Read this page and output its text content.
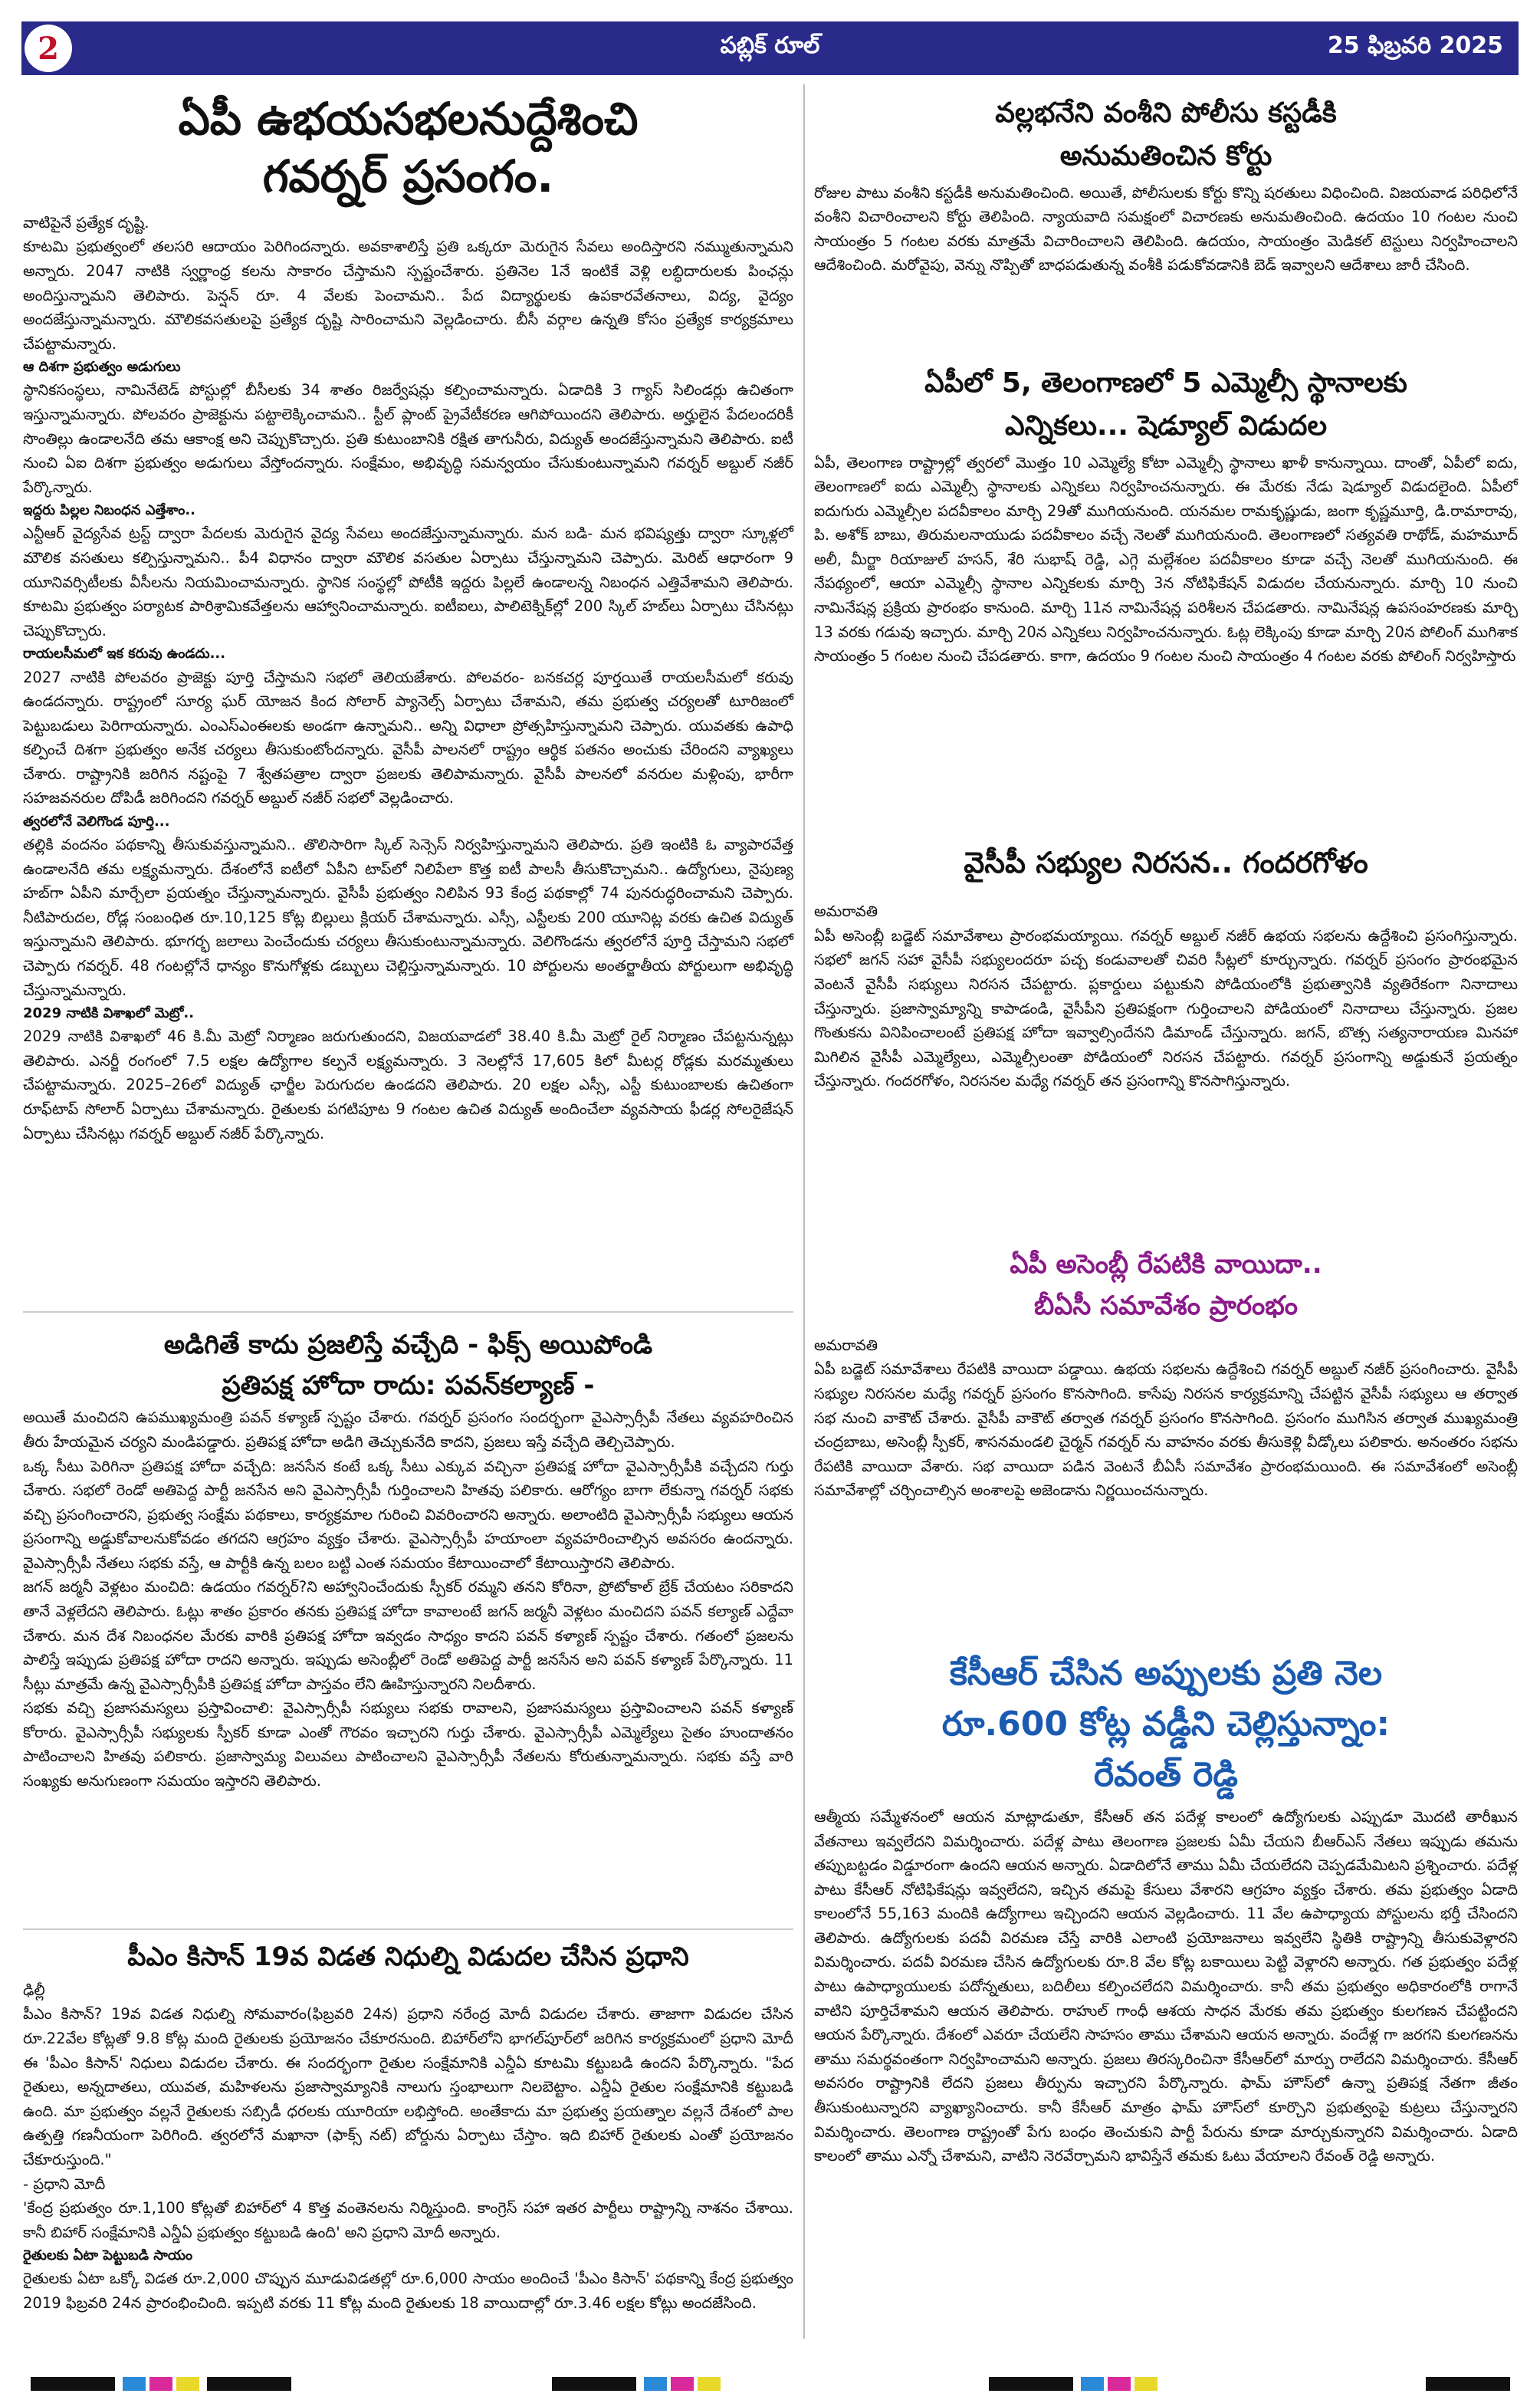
2	పబ్లిక్ రూల్	25 ఫిబ్రవరి 2025
ఏపీ ఉభయసభలనుద్దేశించి
గవర్నర్ ప్రసంగం.

వాటిపైనే ప్రత్యేక దృష్టి.

కూటమి ప్రభుత్వంలో తలసరి ఆదాయం పెరిగిందన్నారు. అవకాశాలిస్తే ప్రతి ఒక్కరూ మెరుగైన సేవలు అందిస్తారని నమ్ముతున్నామని అన్నారు. 2047 నాటికి స్వర్ణాంధ్ర కలను సాకారం చేస్తామని స్పష్టంచేశారు. ప్రతినెల 1నే ఇంటికే వెళ్లి లబ్ధిదారులకు పింఛన్లు అందిస్తున్నామని తెలిపారు. పెన్షన్ రూ. 4 వేలకు పెంచామని.. పేద విద్యార్థులకు ఉపకారవేతనాలు, విద్య, వైద్యం అందజేస్తున్నామన్నారు. మౌలికవసతులపై ప్రత్యేక దృష్టి సారించామని వెల్లడించారు. బీసీ వర్గాల ఉన్నతి కోసం ప్రత్యేక కార్యక్రమాలు చేపట్టామన్నారు.

ఆ దిశగా ప్రభుత్వం అడుగులు

స్థానికసంస్థలు, నామినేటెడ్ పోస్టుల్లో బీసీలకు 34 శాతం రిజర్వేషన్లు కల్పించామన్నారు. ఏడాదికి 3 గ్యాస్ సిలిండర్లు ఉచితంగా ఇస్తున్నామన్నారు. పోలవరం ప్రాజెక్టును పట్టాలెక్కించామని.. స్టీల్ ప్లాంట్ ప్రైవేటీకరణ ఆగిపోయిందని తెలిపారు. అర్హులైన పేదలందరికీ సొంతిల్లు ఉండాలనేది తమ ఆకాంక్ష అని చెప్పుకొచ్చారు. ప్రతి కుటుంబానికి రక్షిత తాగునీరు, విద్యుత్ అందజేస్తున్నామని తెలిపారు. ఐటీ నుంచి ఏఐ దిశగా ప్రభుత్వం అడుగులు వేస్తోందన్నారు. సంక్షేమం, అభివృద్ధి సమన్వయం చేసుకుంటున్నామని గవర్నర్ అబ్దుల్ నజీర్ పేర్కొన్నారు.

ఇద్దరు పిల్లల నిబంధన ఎత్తేశాం..

ఎన్టీఆర్ వైద్యసేవ ట్రస్ట్ ద్వారా పేదలకు మెరుగైన వైద్య సేవలు అందజేస్తున్నామన్నారు. మన బడి- మన భవిష్యత్తు ద్వారా స్కూళ్లలో మౌలిక వసతులు కల్పిస్తున్నామని.. పీ4 విధానం ద్వారా మౌలిక వసతుల ఏర్పాటు చేస్తున్నామని చెప్పారు. మెరిట్ ఆధారంగా 9 యూనివర్సిటీలకు వీసీలను నియమించామన్నారు. స్థానిక సంస్థల్లో పోటీకి ఇద్దరు పిల్లలే ఉండాలన్న నిబంధన ఎత్తివేశామని తెలిపారు. కూటమి ప్రభుత్వం పర్యాటక పారిశ్రామికవేత్తలను ఆహ్వానించామన్నారు. ఐటీఐలు, పాలిటెక్నిక్‌ల్లో 200 స్కిల్ హబ్‌లు ఏర్పాటు చేసినట్లు చెప్పుకొచ్చారు.

రాయలసీమలో ఇక కరువు ఉండదు...

2027 నాటికి పోలవరం ప్రాజెక్టు పూర్తి చేస్తామని సభలో తెలియజేశారు. పోలవరం- బనకచర్ల పూర్తయితే రాయలసీమలో కరువు ఉండదన్నారు. రాష్ట్రంలో సూర్య ఘర్ యోజన కింద సోలార్ ప్యానెల్స్ ఏర్పాటు చేశామని, తమ ప్రభుత్వ చర్యలతో టూరిజంలో పెట్టుబడులు పెరిగాయన్నారు. ఎంఎస్ఎంఈలకు అండగా ఉన్నామని.. అన్ని విధాలా ప్రోత్సహిస్తున్నామని చెప్పారు. యువతకు ఉపాధి కల్పించే దిశగా ప్రభుత్వం అనేక చర్యలు తీసుకుంటోందన్నారు. వైసీపీ పాలనలో రాష్ట్రం ఆర్థిక పతనం అంచుకు చేరిందని వ్యాఖ్యలు చేశారు. రాష్ట్రానికి జరిగిన నష్టంపై 7 శ్వేతపత్రాల ద్వారా ప్రజలకు తెలిపామన్నారు. వైసీపీ పాలనలో వనరుల మళ్లింపు, భారీగా సహజవనరుల దోపిడీ జరిగిందని గవర్నర్ అబ్దుల్ నజీర్ సభలో వెల్లడించారు.

త్వరలోనే వెలిగొండ పూర్తి...

తల్లికి వందనం పథకాన్ని తీసుకువస్తున్నామని.. తొలిసారిగా స్కిల్ సెన్సెస్ నిర్వహిస్తున్నామని తెలిపారు. ప్రతి ఇంటికి ఓ వ్యాపారవేత్త ఉండాలనేది తమ లక్ష్యమన్నారు. దేశంలోనే ఐటీలో ఏపీని టాప్‌లో నిలిపేలా కొత్త ఐటీ పాలసీ తీసుకొచ్చామని.. ఉద్యోగులు, నైపుణ్య హబ్‌గా ఏపీని మార్చేలా ప్రయత్నం చేస్తున్నామన్నారు. వైసీపీ ప్రభుత్వం నిలిపిన 93 కేంద్ర పథకాల్లో 74 పునరుద్ధరించామని చెప్పారు. నీటిపారుదల, రోడ్ల సంబంధిత రూ.10,125 కోట్ల బిల్లులు క్లియర్ చేశామన్నారు. ఎస్సీ, ఎస్టీలకు 200 యూనిట్ల వరకు ఉచిత విద్యుత్ ఇస్తున్నామని తెలిపారు. భూగర్భ జలాలు పెంచేందుకు చర్యలు తీసుకుంటున్నామన్నారు. వెలిగొండను త్వరలోనే పూర్తి చేస్తామని సభలో చెప్పారు గవర్నర్. 48 గంటల్లోనే ధాన్యం కొనుగోళ్లకు డబ్బులు చెల్లిస్తున్నామన్నారు. 10 పోర్టులను అంతర్జాతీయ పోర్టులుగా అభివృద్ధి చేస్తున్నామన్నారు.

2029 నాటికి విశాఖలో మెట్రో..

2029 నాటికి విశాఖలో 46 కి.మీ మెట్రో నిర్మాణం జరుగుతుందని, విజయవాడలో 38.40 కి.మీ మెట్రో రైల్ నిర్మాణం చేపట్టనున్నట్లు తెలిపారు. ఎనర్జీ రంగంలో 7.5 లక్షల ఉద్యోగాల కల్పనే లక్ష్యమన్నారు. 3 నెలల్లోనే 17,605 కిలో మీటర్ల రోడ్లకు మరమ్మతులు చేపట్టామన్నారు. 2025–26లో విద్యుత్ ఛార్జీల పెరుగుదల ఉండదని తెలిపారు. 20 లక్షల ఎస్సీ, ఎస్టీ కుటుంబాలకు ఉచితంగా రూఫ్‌టాప్ సోలార్ ఏర్పాటు చేశామన్నారు. రైతులకు పగటిపూట 9 గంటల ఉచిత విద్యుత్ అందించేలా వ్యవసాయ ఫీడర్ల సోలరైజేషన్ ఏర్పాటు చేసినట్లు గవర్నర్ అబ్దుల్ నజీర్ పేర్కొన్నారు.

అడిగితే కాదు ప్రజలిస్తే వచ్చేది - ఫిక్స్ అయిపోండి
ప్రతిపక్ష హోదా రాదు: పవన్‌కల్యాణ్ -

అయితే మంచిదని ఉపముఖ్యమంత్రి పవన్ కళ్యాణ్ స్పష్టం చేశారు. గవర్నర్ ప్రసంగం సందర్భంగా వైఎస్సార్సీపీ నేతలు వ్యవహరించిన తీరు హేయమైన చర్యని మండిపడ్డారు. ప్రతిపక్ష హోదా అడిగి తెచ్చుకునేది కాదని, ప్రజలు ఇస్తే వచ్చేది తెల్చిచెప్పారు.

ఒక్క సీటు పెరిగినా ప్రతిపక్ష హోదా వచ్చేది: జనసేన కంటే ఒక్క సీటు ఎక్కువ వచ్చినా ప్రతిపక్ష హోదా వైఎస్సార్సీపీకి వచ్చేదని గుర్తు చేశారు. సభలో రెండో అతిపెద్ద పార్టీ జనసేన అని వైఎస్సార్సీపీ గుర్తించాలని హితవు పలికారు. ఆరోగ్యం బాగా లేకున్నా గవర్నర్ సభకు వచ్చి ప్రసంగించారని, ప్రభుత్వ సంక్షేమ పథకాలు, కార్యక్రమాల గురించి వివరించారని అన్నారు. అలాంటిది వైఎస్సార్సీపీ సభ్యులు ఆయన ప్రసంగాన్ని అడ్డుకోవాలనుకోవడం తగదని ఆగ్రహం వ్యక్తం చేశారు. వైఎస్సార్సీపీ హయాంలా వ్యవహరించాల్సిన అవసరం ఉందన్నారు. వైఎస్సార్సీపీ నేతలు సభకు వస్తే, ఆ పార్టీకి ఉన్న బలం బట్టి ఎంత సమయం కేటాయించాలో కేటాయిస్తారని తెలిపారు.

జగన్ జర్మనీ వెళ్లటం మంచిది: ఉడయం గవర్నర్?ని అహ్వానించేందుకు స్పీకర్ రమ్మని తనని కోరినా, ప్రోటోకాల్ బ్రేక్ చేయటం సరికాదని తానే వెళ్లలేదని తెలిపారు. ఓట్లు శాతం ప్రకారం తనకు ప్రతిపక్ష హోదా కావాలంటే జగన్ జర్మనీ వెళ్లటం మంచిదని పవన్ కల్యాణ్ ఎద్దేవా చేశారు. మన దేశ నిబంధనల మేరకు వారికి ప్రతిపక్ష హోదా ఇవ్వడం సాధ్యం కాదని పవన్ కళ్యాణ్ స్పష్టం చేశారు. గతంలో ప్రజలను పాలిస్తే ఇప్పుడు ప్రతిపక్ష హోదా రాదని అన్నారు. ఇప్పుడు అసెంబ్లీలో రెండో అతిపెద్ద పార్టీ జనసేన అని పవన్ కళ్యాణ్ పేర్కొన్నారు. 11 సీట్లు మాత్రమే ఉన్న వైఎస్సార్సీపీకి ప్రతిపక్ష హోదా పాస్తవం లేని ఊహిస్తున్నారని నిలదీశారు.

సభకు వచ్చి ప్రజాసమస్యలు ప్రస్తావించాలి: వైఎస్సార్సీపీ సభ్యులు సభకు రావాలని, ప్రజాసమస్యలు ప్రస్తావించాలని పవన్ కళ్యాణ్ కోరారు. వైఎస్సార్సీపీ సభ్యులకు స్పీకర్ కూడా ఎంతో గౌరవం ఇచ్చారని గుర్తు చేశారు. వైఎస్సార్సీపీ ఎమ్మెల్యేలు సైతం హుందాతనం పాటించాలని హితవు పలికారు. ప్రజాస్వామ్య విలువలు పాటించాలని వైఎస్సార్సీపీ నేతలను కోరుతున్నామన్నారు. సభకు వస్తే వారి సంఖ్యకు అనుగుణంగా సమయం ఇస్తారని తెలిపారు.

పీఎం కిసాన్ 19వ విడత నిధుల్ని విడుదల చేసిన ప్రధాని

ఢిల్లీ

పీఎం కిసాన్? 19వ విడత నిధుల్ని సోమవారం(ఫిబ్రవరి 24న) ప్రధాని నరేంద్ర మోదీ విడుదల చేశారు. తాజాగా విడుదల చేసిన రూ.22వేల కోట్లతో 9.8 కోట్ల మంది రైతులకు ప్రయోజనం చేకూరనుంది. బిహార్‌లోని భాగల్‌పూర్‌లో జరిగిన కార్యక్రమంలో ప్రధాని మోదీ ఈ 'పీఎం కిసాన్' నిధులు విడుదల చేశారు. ఈ సందర్భంగా రైతుల సంక్షేమానికి ఎన్డీఏ కూటమి కట్టుబడి ఉందని పేర్కొన్నారు. "పేద రైతులు, అన్నదాతలు, యువత, మహిళలను ప్రజాస్వామ్యానికి నాలుగు స్తంభాలుగా నిలబెట్టాం. ఎన్డీఏ రైతుల సంక్షేమానికి కట్టుబడి ఉంది. మా ప్రభుత్వం వల్లనే రైతులకు సబ్సిడీ ధరలకు యూరియా లభిస్తోంది. అంతేకాదు మా ప్రభుత్వ ప్రయత్నాల వల్లనే దేశంలో పాల ఉత్పత్తి గణనీయంగా పెరిగింది. త్వరలోనే మఖానా (ఫాక్స్ నట్) బోర్డును ఏర్పాటు చేస్తాం. ఇది బిహార్ రైతులకు ఎంతో ప్రయోజనం చేకూరుస్తుంది."

- ప్రధాని మోదీ

'కేంద్ర ప్రభుత్వం రూ.1,100 కోట్లతో బిహార్‌లో 4 కొత్త వంతెనలను నిర్మిస్తుంది. కాంగ్రెస్ సహా ఇతర పార్టీలు రాష్ట్రాన్ని నాశనం చేశాయి. కానీ బిహార్ సంక్షేమానికి ఎన్డీఏ ప్రభుత్వం కట్టుబడి ఉంది' అని ప్రధాని మోదీ అన్నారు.

రైతులకు ఏటా పెట్టుబడి సాయం

రైతులకు ఏటా ఒక్కో విడత రూ.2,000 చొప్పున మూడువిడతల్లో రూ.6,000 సాయం అందించే 'పీఎం కిసాన్' పథకాన్ని కేంద్ర ప్రభుత్వం 2019 ఫిబ్రవరి 24న ప్రారంభించింది. ఇప్పటి వరకు 11 కోట్ల మంది రైతులకు 18 వాయిదాల్లో రూ.3.46 లక్షల కోట్లు అందజేసింది.

వల్లభనేని వంశీని పోలీసు కస్టడీకి
అనుమతించిన కోర్టు

రోజుల పాటు వంశీని కస్టడీకి అనుమతించింది. అయితే, పోలీసులకు కోర్టు కొన్ని షరతులు విధించింది. విజయవాడ పరిధిలోనే వంశీని విచారించాలని కోర్టు తెలిపింది. న్యాయవాది సమక్షంలో విచారణకు అనుమతించింది. ఉదయం 10 గంటల నుంచి సాయంత్రం 5 గంటల వరకు మాత్రమే విచారించాలని తెలిపింది. ఉదయం, సాయంత్రం మెడికల్ టెస్టులు నిర్వహించాలని ఆదేశించింది. మరోవైపు, వెన్ను నొప్పితో బాధపడుతున్న వంశీకి పడుకోవడానికి బెడ్ ఇవ్వాలని ఆదేశాలు జారీ చేసింది.

ఏపీలో 5, తెలంగాణలో 5 ఎమ్మెల్సీ స్థానాలకు
ఎన్నికలు... షెడ్యూల్ విడుదల

ఏపీ, తెలంగాణ రాష్ట్రాల్లో త్వరలో మొత్తం 10 ఎమ్మెల్యే కోటా ఎమ్మెల్సీ స్థానాలు ఖాళీ కానున్నాయి. దాంతో, ఏపీలో ఐదు, తెలంగాణలో ఐదు ఎమ్మెల్సీ స్థానాలకు ఎన్నికలు నిర్వహించనున్నారు. ఈ మేరకు నేడు షెడ్యూల్ విడుదలైంది. ఏపీలో ఐదుగురు ఎమ్మెల్సీల పదవీకాలం మార్చి 29తో ముగియనుంది. యనమల రామకృష్ణుడు, జంగా కృష్ణమూర్తి, డి.రామారావు, పి. అశోక్ బాబు, తిరుమలనాయుడు పదవీకాలం వచ్చే నెలతో ముగియనుంది. తెలంగాణలో సత్యవతి రాథోడ్, మహమూద్ అలీ, మీర్జా రియాజుల్ హసన్, శేరి సుభాష్ రెడ్డి, ఎగ్గె మల్లేశంల పదవీకాలం కూడా వచ్చే నెలతో ముగియనుంది. ఈ నేపథ్యంలో, ఆయా ఎమ్మెల్సీ స్థానాల ఎన్నికలకు మార్చి 3న నోటిఫికేషన్ విడుదల చేయనున్నారు. మార్చి 10 నుంచి నామినేషన్ల ప్రక్రియ ప్రారంభం కానుంది. మార్చి 11న నామినేషన్ల పరిశీలన చేపడతారు. నామినేషన్ల ఉపసంహరణకు మార్చి 13 వరకు గడువు ఇచ్చారు. మార్చి 20న ఎన్నికలు నిర్వహించనున్నారు. ఓట్ల లెక్కింపు కూడా మార్చి 20న పోలింగ్ ముగిశాక సాయంత్రం 5 గంటల నుంచి చేపడతారు. కాగా, ఉదయం 9 గంటల నుంచి సాయంత్రం 4 గంటల వరకు పోలింగ్ నిర్వహిస్తారు

వైసీపీ సభ్యుల నిరసన.. గందరగోళం

అమరావతి

ఏపీ అసెంబ్లీ బడ్జెట్ సమావేశాలు ప్రారంభమయ్యాయి. గవర్నర్ అబ్దుల్ నజీర్ ఉభయ సభలను ఉద్దేశించి ప్రసంగిస్తున్నారు. సభలో జగన్ సహా వైసీపీ సభ్యులందరూ పచ్చ కండువాలతో చివరి సీట్లలో కూర్చున్నారు. గవర్నర్ ప్రసంగం ప్రారంభమైన వెంటనే వైసీపీ సభ్యులు నిరసన చేపట్టారు. ప్లకార్డులు పట్టుకుని పోడియంలోకి ప్రభుత్వానికి వ్యతిరేకంగా నినాదాలు చేస్తున్నారు. ప్రజాస్వామ్యాన్ని కాపాడండి, వైసీపీని ప్రతిపక్షంగా గుర్తించాలని పోడియంలో నినాదాలు చేస్తున్నారు. ప్రజల గొంతుకను వినిపించాలంటే ప్రతిపక్ష హోదా ఇవ్వాల్సిందేనని డిమాండ్ చేస్తున్నారు. జగన్, బొత్స సత్యనారాయణ మినహా మిగిలిన వైసీపీ ఎమ్మెల్యేలు, ఎమ్మెల్సీలంతా పోడియంలో నిరసన చేపట్టారు. గవర్నర్ ప్రసంగాన్ని అడ్డుకునే ప్రయత్నం చేస్తున్నారు. గందరగోళం, నిరసనల మధ్యే గవర్నర్ తన ప్రసంగాన్ని కొనసాగిస్తున్నారు.

ఏపీ అసెంబ్లీ రేపటికి వాయిదా..
బీఏసీ సమావేశం ప్రారంభం

అమరావతి

ఏపీ బడ్జెట్ సమావేశాలు రేపటికి వాయిదా పడ్డాయి. ఉభయ సభలను ఉద్దేశించి గవర్నర్ అబ్దుల్ నజీర్ ప్రసంగించారు. వైసీపీ సభ్యుల నిరసనల మధ్యే గవర్నర్ ప్రసంగం కొనసాగింది. కాసేపు నిరసన కార్యక్రమాన్ని చేపట్టిన వైసీపీ సభ్యులు ఆ తర్వాత సభ నుంచి వాకౌట్ చేశారు. వైసీపీ వాకౌట్ తర్వాత గవర్నర్ ప్రసంగం కొనసాగింది. ప్రసంగం ముగిసిన తర్వాత ముఖ్యమంత్రి చంద్రబాబు, అసెంబ్లీ స్పీకర్, శాసనమండలి చైర్మన్ గవర్నర్ ను వాహనం వరకు తీసుకెళ్లి వీడ్కోలు పలికారు. అనంతరం సభను రేపటికి వాయిదా వేశారు. సభ వాయిదా పడిన వెంటనే బీఏసీ సమావేశం ప్రారంభమయింది. ఈ సమావేశంలో అసెంబ్లీ సమావేశాల్లో చర్చించాల్సిన అంశాలపై అజెండాను నిర్ణయించనున్నారు.

కేసీఆర్ చేసిన అప్పులకు ప్రతి నెల
రూ.600 కోట్ల వడ్డీని చెల్లిస్తున్నాం:
రేవంత్ రెడ్డి

ఆత్మీయ సమ్మేళనంలో ఆయన మాట్లాడుతూ, కేసీఆర్ తన పదేళ్ల కాలంలో ఉద్యోగులకు ఎప్పుడూ మొదటి తారీఖున వేతనాలు ఇవ్వలేదని విమర్శించారు. పదేళ్ల పాటు తెలంగాణ ప్రజలకు ఏమీ చేయని బీఆర్ఎస్ నేతలు ఇప్పుడు తమను తప్పుబట్టడం విడ్డూరంగా ఉందని ఆయన అన్నారు. ఏడాదిలోనే తాము ఏమీ చేయలేదని చెప్పడమేమిటని ప్రశ్నించారు. పదేళ్ల పాటు కేసీఆర్ నోటిఫికేషన్లు ఇవ్వలేదని, ఇచ్చిన తమపై కేసులు వేశారని ఆగ్రహం వ్యక్తం చేశారు. తమ ప్రభుత్వం ఏడాది కాలంలోనే 55,163 మందికి ఉద్యోగాలు ఇచ్చిందని ఆయన వెల్లడించారు. 11 వేల ఉపాధ్యాయ పోస్టులను భర్తీ చేసిందని తెలిపారు. ఉద్యోగులకు పదవీ విరమణ చేస్తే వారికి ఎలాంటి ప్రయోజనాలు ఇవ్వలేని స్థితికి రాష్ట్రాన్ని తీసుకువెళ్లారని విమర్శించారు. పదవీ విరమణ చేసిన ఉద్యోగులకు రూ.8 వేల కోట్ల బకాయిలు పెట్టి వెళ్లారని అన్నారు. గత ప్రభుత్వం పదేళ్ల పాటు ఉపాధ్యాయులకు పదోన్నతులు, బదిలీలు కల్పించలేదని విమర్శించారు. కానీ తమ ప్రభుత్వం అధికారంలోకి రాగానే వాటిని పూర్తిచేశామని ఆయన తెలిపారు. రాహుల్ గాంధీ ఆశయ సాధన మేరకు తమ ప్రభుత్వం కులగణన చేపట్టిందని ఆయన పేర్కొన్నారు. దేశంలో ఎవరూ చేయలేని సాహసం తాము చేశామని ఆయన అన్నారు. వందేళ్ల గా జరగని కులగణనను తాము సమర్థవంతంగా నిర్వహించామని అన్నారు. ప్రజలు తిరస్కరించినా కేసీఆర్‌లో మార్పు రాలేదని విమర్శించారు. కేసీఆర్ అవసరం రాష్ట్రానికి లేదని ప్రజలు తీర్పును ఇచ్చారని పేర్కొన్నారు. ఫామ్ హౌస్‌లో ఉన్నా ప్రతిపక్ష నేతగా జీతం తీసుకుంటున్నారని వ్యాఖ్యానించారు. కానీ కేసీఆర్ మాత్రం ఫామ్ హౌస్‌లో కూర్చొని ప్రభుత్వంపై కుట్రలు చేస్తున్నారని విమర్శించారు. తెలంగాణ రాష్ట్రంతో పేగు బంధం తెంచుకుని పార్టీ పేరును కూడా మార్చుకున్నారని విమర్శించారు. ఏడాది కాలంలో తాము ఎన్నో చేశామని, వాటిని నెరవేర్చామని భావిస్తేనే తమకు ఓటు వేయాలని రేవంత్ రెడ్డి అన్నారు.
